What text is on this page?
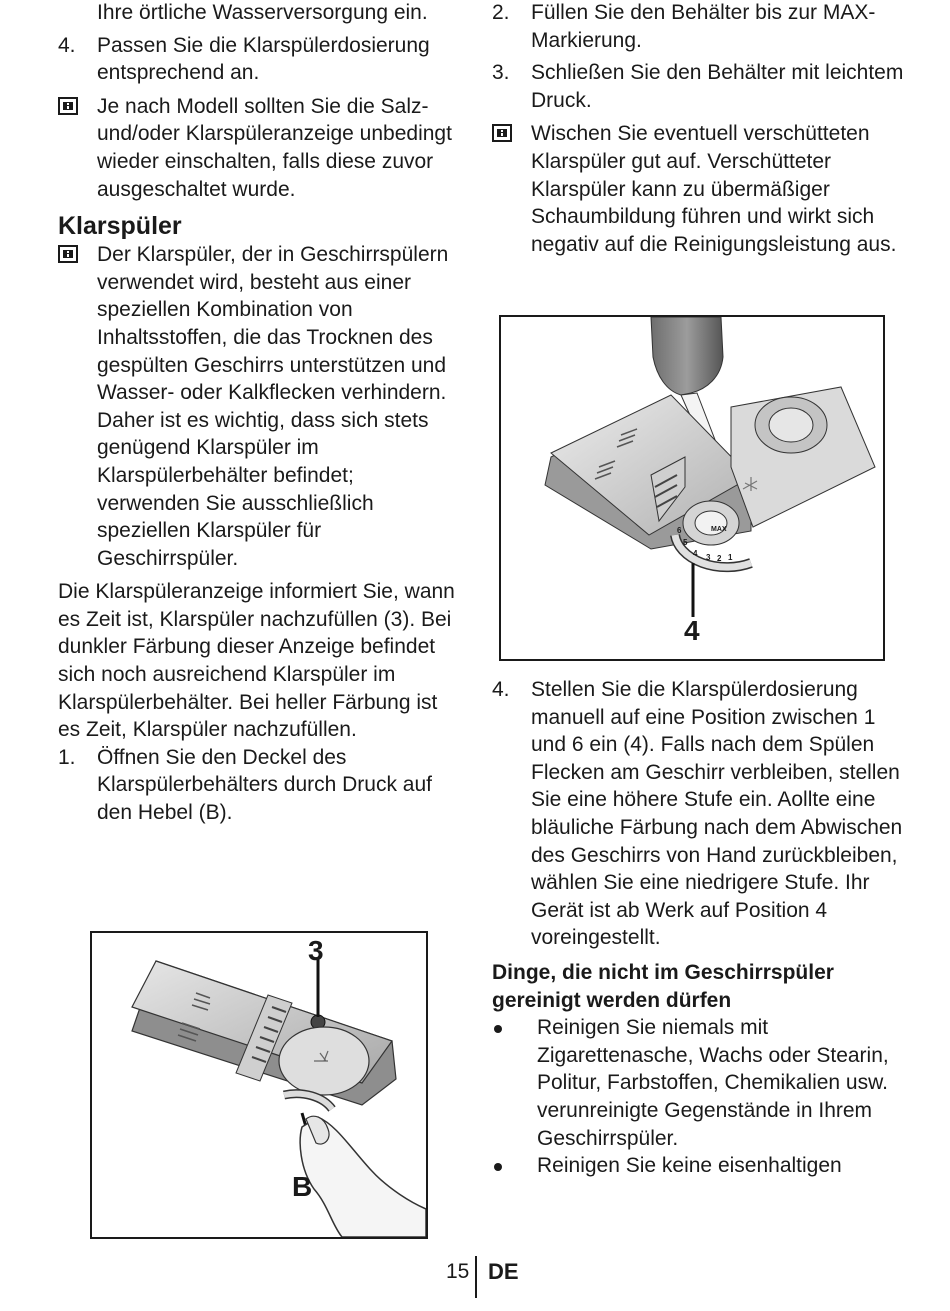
Ihre örtliche Wasserversorgung ein.

4. Passen Sie die Klarspülerdosierung entsprechend an.

Je nach Modell sollten Sie die Salz- und/oder Klarspüleranzeige unbedingt wieder einschalten, falls diese zuvor ausgeschaltet wurde.

Klarspüler

Der Klarspüler, der in Geschirrspülern verwendet wird, besteht aus einer speziellen Kombination von Inhaltsstoffen, die das Trocknen des gespülten Geschirrs unterstützen und Wasser- oder Kalkflecken verhindern. Daher ist es wichtig, dass sich stets genügend Klarspüler im Klarspülerbehälter befindet; verwenden Sie ausschließlich speziellen Klarspüler für Geschirrspüler.

Die Klarspüleranzeige informiert Sie, wann es Zeit ist, Klarspüler nachzufüllen (3). Bei dunkler Färbung dieser Anzeige befindet sich noch ausreichend Klarspüler im Klarspülerbehälter. Bei heller Färbung ist es Zeit, Klarspüler nachzufüllen.

1. Öffnen Sie den Deckel des Klarspülerbehälters durch Druck auf den Hebel (B).

3
B
2. Füllen Sie den Behälter bis zur MAX-Markierung.

3. Schließen Sie den Behälter mit leichtem Druck.

Wischen Sie eventuell verschütteten Klarspüler gut auf. Verschütteter Klarspüler kann zu übermäßiger Schaumbildung führen und wirkt sich negativ auf die Reinigungsleistung aus.

MAX
6
5
4 3 2 1
4
4. Stellen Sie die Klarspülerdosierung manuell auf eine Position zwischen 1 und 6 ein (4). Falls nach dem Spülen Flecken am Geschirr verbleiben, stellen Sie eine höhere Stufe ein. Aollte eine bläuliche Färbung nach dem Abwischen des Geschirrs von Hand zurückbleiben, wählen Sie eine niedrigere Stufe. Ihr Gerät ist ab Werk auf Position 4 voreingestellt.

Dinge, die nicht im Geschirrspüler gereinigt werden dürfen

Reinigen Sie niemals mit Zigarettenasche, Wachs oder Stearin, Politur, Farbstoffen, Chemikalien usw. verunreinigte Gegenstände in Ihrem Geschirrspüler.

Reinigen Sie keine eisenhaltigen

15 DE
